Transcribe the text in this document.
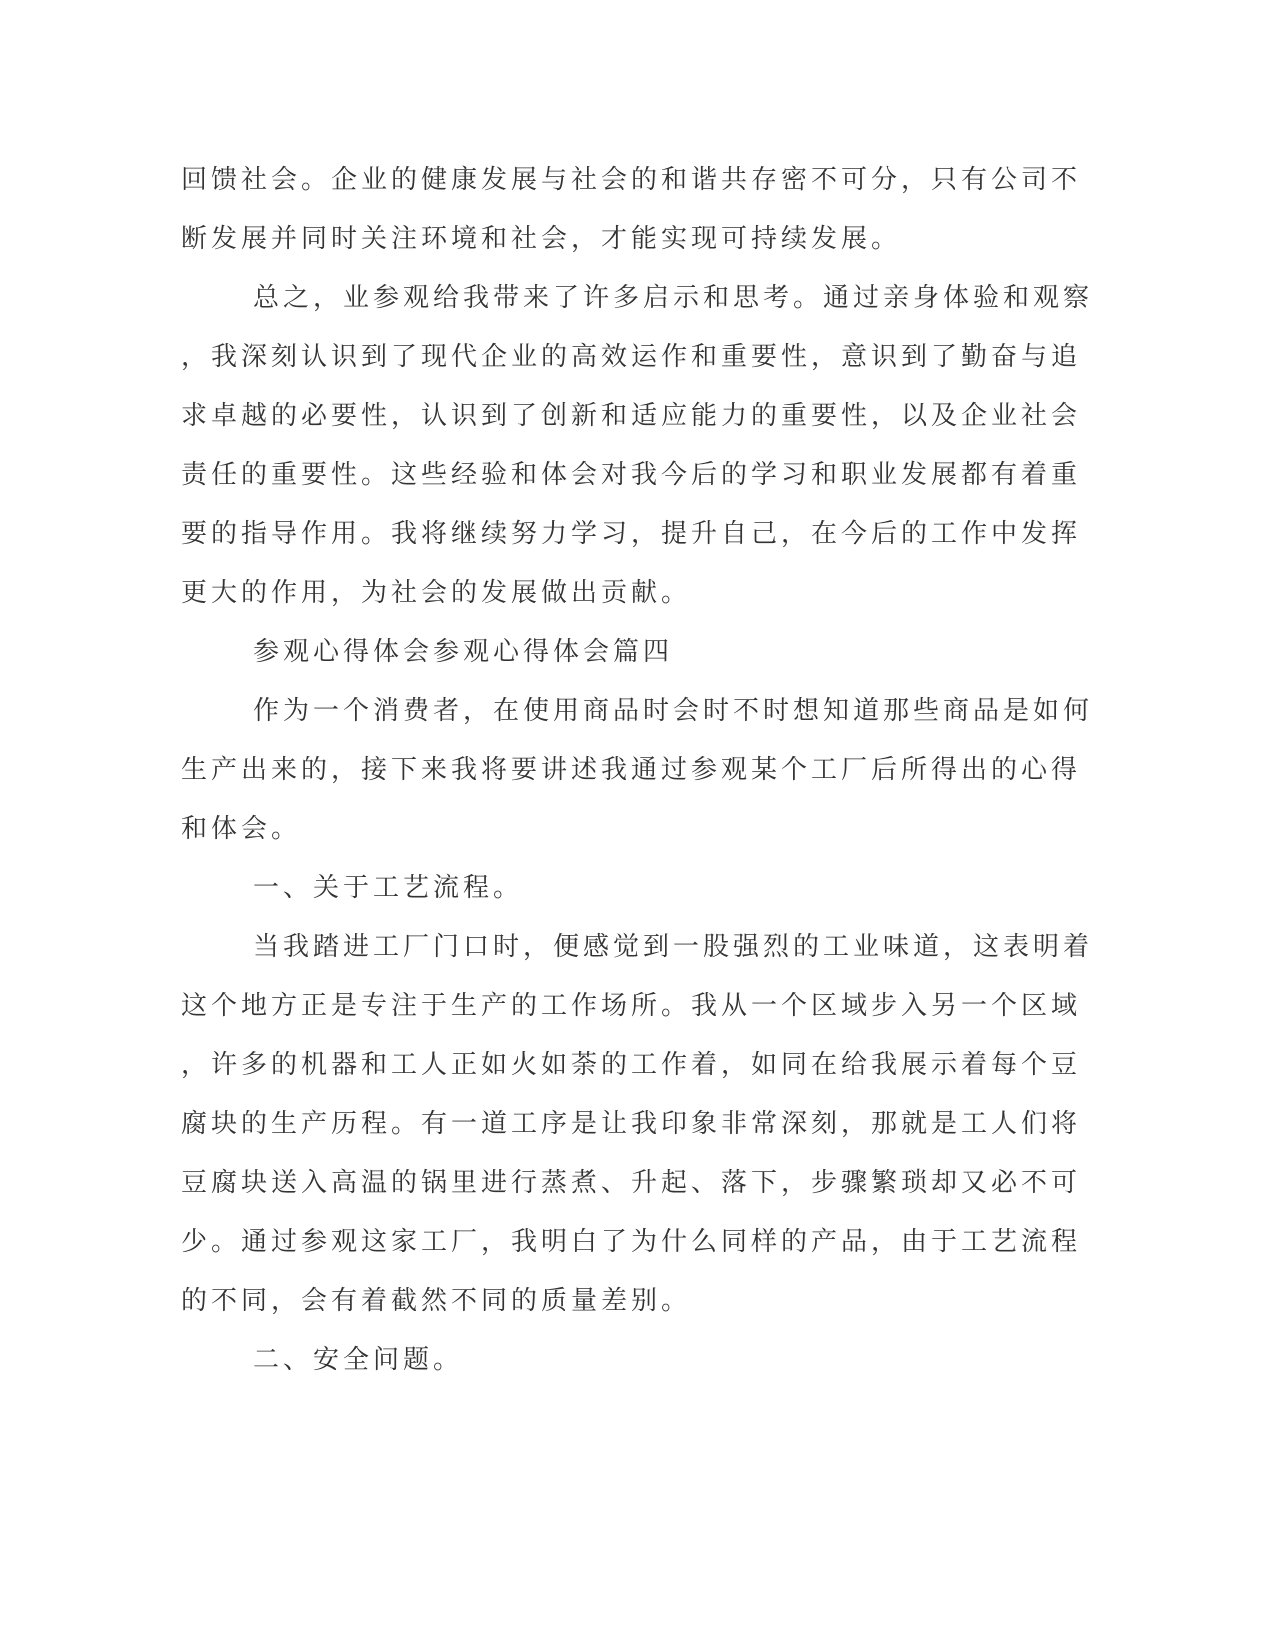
回馈社会。企业的健康发展与社会的和谐共存密不可分，只有公司不

断发展并同时关注环境和社会，才能实现可持续发展。

总之，业参观给我带来了许多启示和思考。通过亲身体验和观察

，我深刻认识到了现代企业的高效运作和重要性，意识到了勤奋与追

求卓越的必要性，认识到了创新和适应能力的重要性，以及企业社会

责任的重要性。这些经验和体会对我今后的学习和职业发展都有着重

要的指导作用。我将继续努力学习，提升自己，在今后的工作中发挥

更大的作用，为社会的发展做出贡献。

参观心得体会参观心得体会篇四

作为一个消费者，在使用商品时会时不时想知道那些商品是如何

生产出来的，接下来我将要讲述我通过参观某个工厂后所得出的心得

和体会。

一、关于工艺流程。

当我踏进工厂门口时，便感觉到一股强烈的工业味道，这表明着

这个地方正是专注于生产的工作场所。我从一个区域步入另一个区域

，许多的机器和工人正如火如荼的工作着，如同在给我展示着每个豆

腐块的生产历程。有一道工序是让我印象非常深刻，那就是工人们将

豆腐块送入高温的锅里进行蒸煮、升起、落下，步骤繁琐却又必不可

少。通过参观这家工厂，我明白了为什么同样的产品，由于工艺流程

的不同，会有着截然不同的质量差别。

二、安全问题。
